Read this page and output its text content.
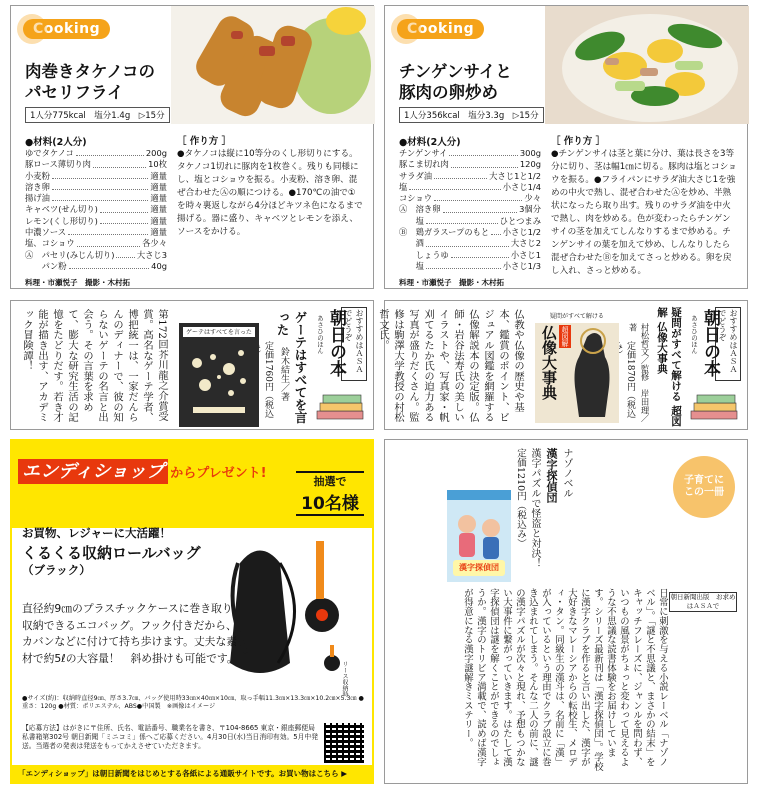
Cooking
肉巻きタケノコの
パセリフライ
1人分775kcal　塩分1.4g　▷15分
●材料(2人分)
ゆでタケノコ	200g
豚ロース薄切り肉	10枚
小麦粉	適量
溶き卵	適量
揚げ油	適量
キャベツ(せん切り)	適量
レモン(くし形切り)	適量
中濃ソース	適量
塩、コショウ	各少々
Ⓐ　パセリ(みじん切り)	大さじ3
　　パン粉	40g
［ 作り方 ］
●タケノコは縦に10等分のくし形切りにする。タケノコ1切れに豚肉を1枚巻く。残りも同様にし、塩とコショウを振る。小麦粉、溶き卵、混ぜ合わせたⒶの順につける。●170℃の油で①を時々裏返しながら4分ほどキツネ色になるまで揚げる。器に盛り、キャベツとレモンを添え、ソースをかける。
料理・市瀬悦子　撮影・木村拓
Cooking
チンゲンサイと
豚肉の卵炒め
1人分356kcal　塩分3.3g　▷15分
●材料(2人分)
チンゲンサイ	300g
豚こま切れ肉	120g
サラダ油	大さじ1と1/2
塩	小さじ1/4
コショウ	少々
Ⓐ　溶き卵	3個分
　　塩	ひとつまみ
Ⓑ　鶏ガラスープのもと 小さじ1/2
　　酒	大さじ2
　　しょうゆ	小さじ1
　　塩	小さじ1/3
［ 作り方 ］
●チンゲンサイは茎と葉に分け、葉は長さを3等分に切り、茎は幅1㎝に切る。豚肉は塩とコショウを振る。●フライパンにサラダ油大さじ1を強めの中火で熱し、混ぜ合わせたⒶを炒め、半熟状になったら取り出す。残りのサラダ油を中火で熱し、肉を炒める。色が変わったらチンゲンサイの茎を加えてしんなりするまで炒める。チンゲンサイの葉を加えて炒め、しんなりしたら混ぜ合わせたⒷを加えてさっと炒める。卵を戻し入れ、さっと炒める。
料理・市瀬悦子　撮影・木村拓
おすすめはＡＳＡでどうぞ
朝日の本
あさひのほん
ゲーテはすべてを言った
鈴木結生／著
定価1760円（税込
ゲーテはすべてを言った
第172回芥川龍之介賞受賞。高名なゲーテ学者、博把統一は、一家だんらんのディナーで、彼の知らないゲーテの名言と出会う。その言葉を求めて、膨大な研究生活の記憶をたどりだす。若き才能が描き出す、アカデミック冒険譚！	おすすめはＡＳＡでどうぞ
朝日の本
あさひのほん
疑問がすべて解ける 超図解 仏像大事典
村松哲文／監修　岸田理／著
定価1870円（税込
疑問がすべて解ける
超図解
仏像大事典
仏教や仏像の歴史や基本、鑑賞のポイント、ビジュアル図鑑を網羅する仏像解説本の決定版。仏師・岩谷法寿氏の美しいイラストや、写真家・帆刈てるたか氏の迫力ある写真が盛りだくさん。監修は駒澤大学教授の村松哲文氏。
エンディショップ からプレゼント!
抽選で
10名様
お買物、レジャーに大活躍！
くるくる収納ロールバッグ
（ブラック）
リース収納時
直径約9㎝のプラスチックケースに巻き取り収納できるエコバッグ。フック付きだから、カバンなどに付けて持ち歩けます。丈夫な素材で約5ℓの大容量！　斜め掛けも可能です。
●サイズ(約)：収納時直径9㎝、厚さ3.7㎝、バッグ使用時33㎝×40㎝×10㎝、取っ手幅11.3㎝×13.3㎝×10.2㎝×5.3㎝ ●重さ：120g ●材質：ポリエステル、ABS●中国製　※画像はイメージ
【応募方法】はがきに〒住所、氏名、電話番号、職業名を書き、〒104-8665 東京・銀座郵便局 私書箱第302号 朝日新聞「ミニコミ」係へご応募ください。4月30日(水)当日消印有効。5月中発送。当選者の発表は発送をもってかえさせていただきます。
「エンディショップ」は朝日新聞をはじめとする各紙による通販サイトです。お買い物はこちら ▶
子育てにこの一冊
朝日新聞出版　お求めはＡＳＡで
ナゾノベル
漢字探偵団
漢字パズルで怪盗と対決！
定価1210円（税込み）
漢字探偵団
日常に刺激を与える小説レーベル「ナゾノベル」。「謎と不思議と、まさかの結末」をキャッチフレーズに、ジャンルを問わず、いつもの風景がちょっと変わって見えるような不思議な読書体験をお届けしています。シリーズ最新刊は「漢字探偵団」。学校に漢字クラブを作ると言い出した、漢字が大好きなマレーシアからの転校生、メロディ・タン。同級生の漢斗は、名前に「漢」が入っているという理由でクラブ設立に巻き込まれてしまう。そんな二人の前に、謎の漢字パズルが次々と現れ、予想もつかない大事件に繋がっていきます。はたして漢字探偵団は謎を解くことができるのでしょうか。漢字のトリビア満載で、読めば漢字が得意になる漢字謎解きミステリー。
